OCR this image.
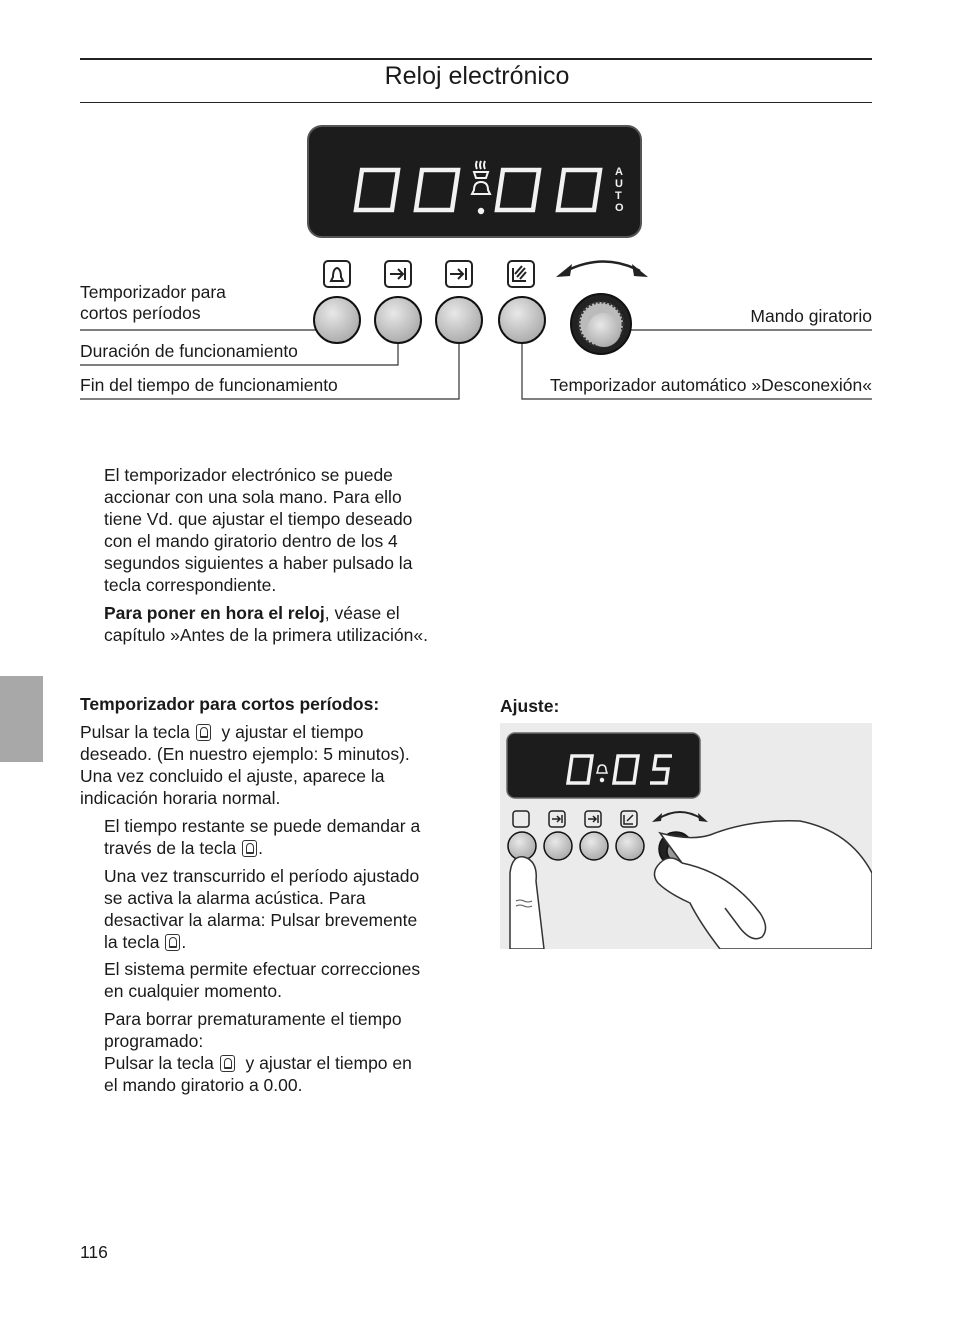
Reloj electrónico
A
U
T
O
Temporizador para
cortos períodos
Duración de funcionamiento
Fin del tiempo de funcionamiento
Mando giratorio
Temporizador automático »Desconexión«
El temporizador electrónico se puede
accionar con una sola mano. Para ello
tiene Vd. que ajustar el tiempo deseado
con el mando giratorio dentro de los 4
segundos siguientes a haber pulsado la
tecla correspondiente.
Para poner en hora el reloj, véase el
capítulo »Antes de la primera utilización«.
Temporizador para cortos períodos:
Pulsar la tecla y ajustar el tiempo
deseado. (En nuestro ejemplo: 5 minutos).
Una vez concluido el ajuste, aparece la
indicación horaria normal.
El tiempo restante se puede demandar a
través de la tecla .
Una vez transcurrido el período ajustado
se activa la alarma acústica. Para
desactivar la alarma: Pulsar brevemente
la tecla .
El sistema permite efectuar correcciones
en cualquier momento.
Para borrar prematuramente el tiempo
programado:
Pulsar la tecla y ajustar el tiempo en
el mando giratorio a 0.00.
Ajuste:
116
